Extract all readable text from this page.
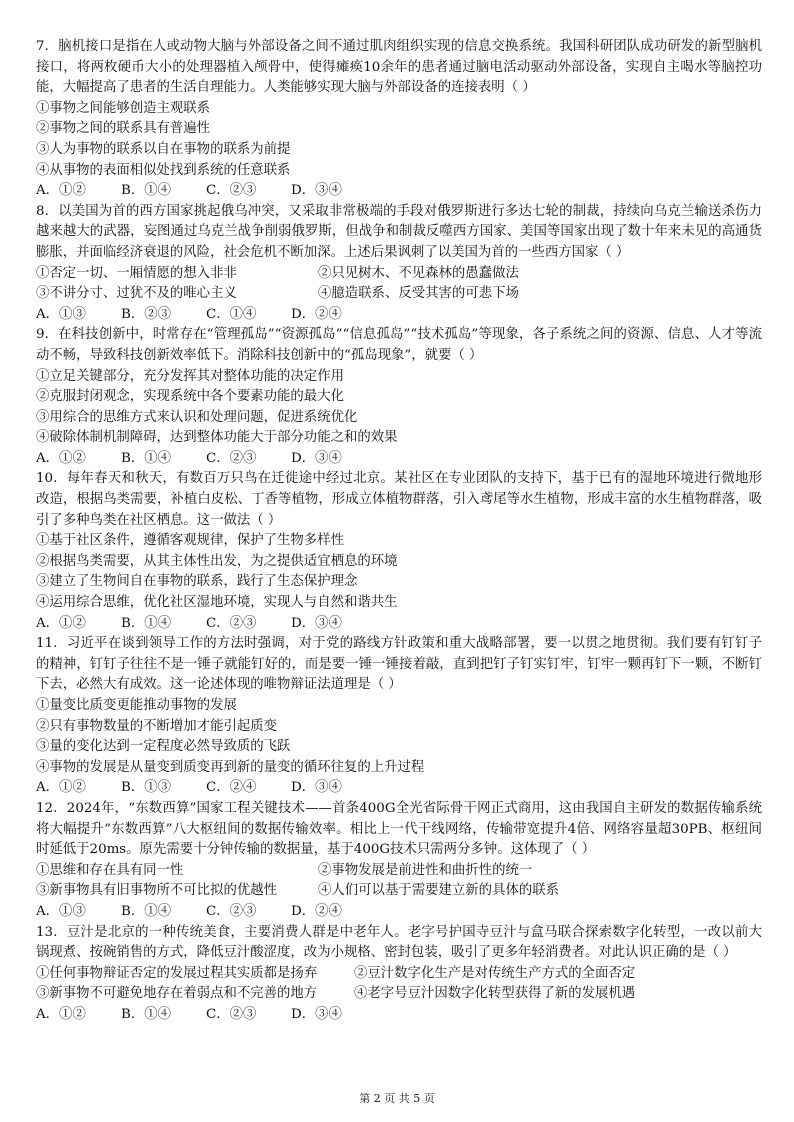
7．脑机接口是指在人或动物大脑与外部设备之间不通过肌肉组织实现的信息交换系统。我国科研团队成功研发的新型脑机接口，将两枚硬币大小的处理器植入颅骨中，使得瘫痪10余年的患者通过脑电活动驱动外部设备，实现自主喝水等脑控功能，大幅提高了患者的生活自理能力。人类能够实现大脑与外部设备的连接表明（ ）

①事物之间能够创造主观联系

②事物之间的联系具有普遍性

③人为事物的联系以自在事物的联系为前提

④从事物的表面相似处找到系统的任意联系

A．①②	B．①④	C．②③	D．③④

8．以美国为首的西方国家挑起俄乌冲突，又采取非常极端的手段对俄罗斯进行多达七轮的制裁，持续向乌克兰输送杀伤力越来越大的武器，妄图通过乌克兰战争削弱俄罗斯，但战争和制裁反噬西方国家、美国等国家出现了数十年来未见的高通货膨胀，并面临经济衰退的风险，社会危机不断加深。上述后果讽刺了以美国为首的一些西方国家（ ）

①否定一切、一厢情愿的想入非非	②只见树木、不见森林的愚蠢做法
③不讲分寸、过犹不及的唯心主义	④臆造联系、反受其害的可悲下场
A．①③	B．②③	C．①④	D．②④

9．在科技创新中，时常存在“管理孤岛”“资源孤岛”“信息孤岛”“技术孤岛”等现象，各子系统之间的资源、信息、人才等流动不畅，导致科技创新效率低下。消除科技创新中的“孤岛现象”，就要（ ）

①立足关键部分，充分发挥其对整体功能的决定作用

②克服封闭观念，实现系统中各个要素功能的最大化

③用综合的思维方式来认识和处理问题，促进系统优化

④破除体制机制障碍，达到整体功能大于部分功能之和的效果

A．①②	B．①④	C．②③	D．③④

10．每年春天和秋天，有数百万只鸟在迁徙途中经过北京。某社区在专业团队的支持下，基于已有的湿地环境进行微地形改造，根据鸟类需要，补植白皮松、丁香等植物，形成立体植物群落，引入鸢尾等水生植物，形成丰富的水生植物群落，吸引了多种鸟类在社区栖息。这一做法（ ）

①基于社区条件，遵循客观规律，保护了生物多样性

②根据鸟类需要，从其主体性出发，为之提供适宜栖息的环境

③建立了生物间自在事物的联系，践行了生态保护理念

④运用综合思维，优化社区湿地环境，实现人与自然和谐共生

A．①②	B．①④	C．②③	D．③④

11．习近平在谈到领导工作的方法时强调，对于党的路线方针政策和重大战略部署，要一以贯之地贯彻。我们要有钉钉子的精神，钉钉子往往不是一锤子就能钉好的，而是要一锤一锤接着敲，直到把钉子钉实钉牢，钉牢一颗再钉下一颗，不断钉下去，必然大有成效。这一论述体现的唯物辩证法道理是（ ）

①量变比质变更能推动事物的发展

②只有事物数量的不断增加才能引起质变

③量的变化达到一定程度必然导致质的飞跃

④事物的发展是从量变到质变再到新的量变的循环往复的上升过程

A．①②	B．①③	C．②④	D．③④

12．2024年，“东数西算”国家工程关键技术——首条400G全光省际骨干网正式商用，这由我国自主研发的数据传输系统将大幅提升“东数西算”八大枢纽间的数据传输效率。相比上一代干线网络，传输带宽提升4倍、网络容量超30PB、枢纽间时延低于20ms。原先需要十分钟传输的数据量，基于400G技术只需两分多钟。这体现了（ ）

①思维和存在具有同一性	②事物发展是前进性和曲折性的统一
③新事物具有旧事物所不可比拟的优越性	④人们可以基于需要建立新的具体的联系
A．①③	B．①④	C．②③	D．②④

13．豆汁是北京的一种传统美食，主要消费人群是中老年人。老字号护国寺豆汁与盒马联合探索数字化转型，一改以前大锅现煮、按碗销售的方式，降低豆汁酸涩度，改为小规格、密封包装，吸引了更多年轻消费者。对此认识正确的是（ ）

①任何事物辩证否定的发展过程其实质都是扬弃	②豆汁数字化生产是对传统生产方式的全面否定
③新事物不可避免地存在着弱点和不完善的地方	④老字号豆汁因数字化转型获得了新的发展机遇
A．①②	B．①④	C．②③	D．③④
第 2 页 共 5 页
